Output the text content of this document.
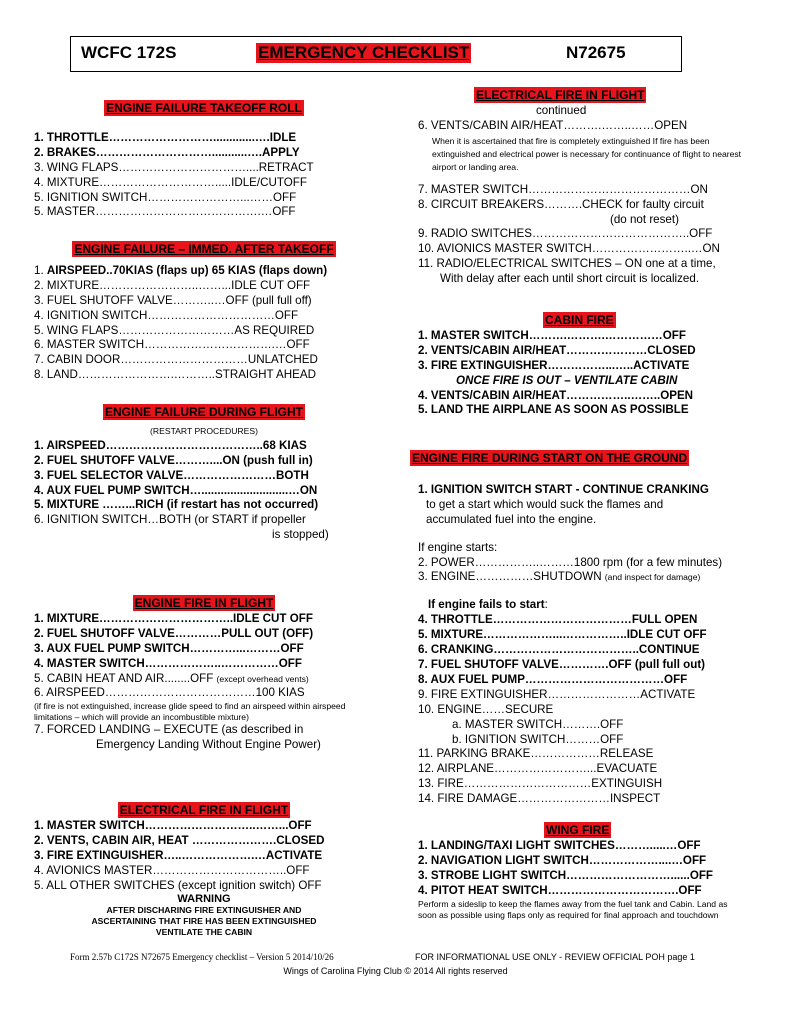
WCFC 172S	EMERGENCY CHECKLIST	N72675
ENGINE FAILURE TAKEOFF ROLL
1. THROTTLE……………………….............….IDLE
2. BRAKES…………………………...........….APPLY
3. WING FLAPS……………………………....RETRACT
4. MIXTURE………………………….....IDLE/CUTOFF
5. IGNITION SWITCH……………………...……OFF
5. MASTER…………………………………….…OFF
ENGINE FAILURE – IMMED. AFTER TAKEOFF
1. AIRSPEED..70KIAS (flaps up) 65 KIAS (flaps down)
2. MIXTURE……………………..……...IDLE CUT OFF
3. FUEL SHUTOFF VALVE………..…OFF (pull full off)
4. IGNITION SWITCH……………………………OFF
5. WING FLAPS…………………………AS REQUIRED
6. MASTER SWITCH…………………………….…OFF
7. CABIN DOOR……………………………UNLATCHED
8. LAND…………………….………..STRAIGHT AHEAD
ENGINE FAILURE DURING FLIGHT
(RESTART PROCEDURES)
1. AIRSPEED…………………………………..68 KIAS
2. FUEL SHUTOFF VALVE………....ON (push full in)
3. FUEL SELECTOR VALVE……………………BOTH
4. AUX FUEL PUMP SWITCH…...........................…ON
5. MIXTURE ……...RICH (if restart has not occurred)
6. IGNITION SWITCH…BOTH (or START if propeller
is stopped)
ENGINE FIRE IN FLIGHT
1. MIXTURE……………………………..IDLE CUT OFF
2. FUEL SHUTOFF VALVE…………PULL OUT (OFF)
3. AUX FUEL PUMP SWITCH…………...………OFF
4. MASTER SWITCH………………..……………OFF
5. CABIN HEAT AND AIR........OFF (except overhead vents)
6. AIRSPEED…………………………………100 KIAS
(if fire is not extinguished, increase glide speed to find an airspeed within airspeed limitations – which will provide an incombustible mixture)
7. FORCED LANDING – EXECUTE (as described in
Emergency Landing Without Engine Power)
ELECTRICAL FIRE IN FLIGHT
1. MASTER SWITCH………………………..……...OFF
2. VENTS, CABIN AIR, HEAT ………………….CLOSED
3. FIRE EXTINGUISHER…..……………….…ACTIVATE
4. AVIONICS MASTER……………………………..OFF
5. ALL OTHER SWITCHES (except ignition switch) OFF
WARNING
AFTER DISCHARING FIRE EXTINGUISHER AND ASCERTAINING THAT FIRE HAS BEEN EXTINGUISHED VENTILATE THE CABIN
ELECTRICAL FIRE IN FLIGHT
continued
6. VENTS/CABIN AIR/HEAT……….……..……OPEN
When it is ascertained that fire is completely extinguished If fire has been extinguished and electrical power is necessary for continuance of flight to nearest airport or landing area.
7. MASTER SWITCH……………………………………ON
8. CIRCUIT BREAKERS……….CHECK for faulty circuit
(do not reset)
9. RADIO SWITCHES…………………………………..OFF
10. AVIONICS MASTER SWITCH……………………..…ON
11. RADIO/ELECTRICAL SWITCHES – ON one at a time,
With delay after each until short circuit is localized.
CABIN FIRE
1. MASTER SWITCH……….……….……………OFF
2. VENTS/CABIN AIR/HEAT…………………CLOSED
3. FIRE EXTINGUISHER……………...…..ACTIVATE
ONCE FIRE IS OUT – VENTILATE CABIN
4. VENTS/CABIN AIR/HEAT……………..……..OPEN
5. LAND THE AIRPLANE AS SOON AS POSSIBLE
ENGINE FIRE DURING START ON THE GROUND
1. IGNITION SWITCH START - CONTINUE CRANKING
to get a start which would suck the flames and
accumulated fuel into the engine.
If engine starts:
2. POWER……………..………1800 rpm (for a few minutes)
3. ENGINE……………SHUTDOWN (and inspect for damage)
If engine fails to start:
4. THROTTLE………………………………FULL OPEN
5. MIXTURE………………...……………..IDLE CUT OFF
6. CRANKING………………………………..CONTINUE
7. FUEL SHUTOFF VALVE………….OFF (pull full out)
8. AUX FUEL PUMP………………………………OFF
9. FIRE EXTINGUISHER……………………ACTIVATE
10. ENGINE……SECURE
a. MASTER SWITCH……….OFF
b. IGNITION SWITCH………OFF
11. PARKING BRAKE………………RELEASE
12. AIRPLANE……………………...EVACUATE
13. FIRE……………………………EXTINGUISH
14. FIRE DAMAGE……………………INSPECT
WING FIRE
1. LANDING/TAXI LIGHT SWITCHES……….....…OFF
2. NAVIGATION LIGHT SWITCH………………....…OFF
3. STROBE LIGHT SWITCH………………………......OFF
4. PITOT HEAT SWITCH…………………………….OFF
Perform a sideslip to keep the flames away from the fuel tank and Cabin. Land as soon as possible using flaps only as required for final approach and touchdown
Form 2.57b C172S N72675 Emergency checklist – Version 5 2014/10/26	FOR INFORMATIONAL USE ONLY - REVIEW OFFICIAL POH page 1
Wings of Carolina Flying Club © 2014 All rights reserved
